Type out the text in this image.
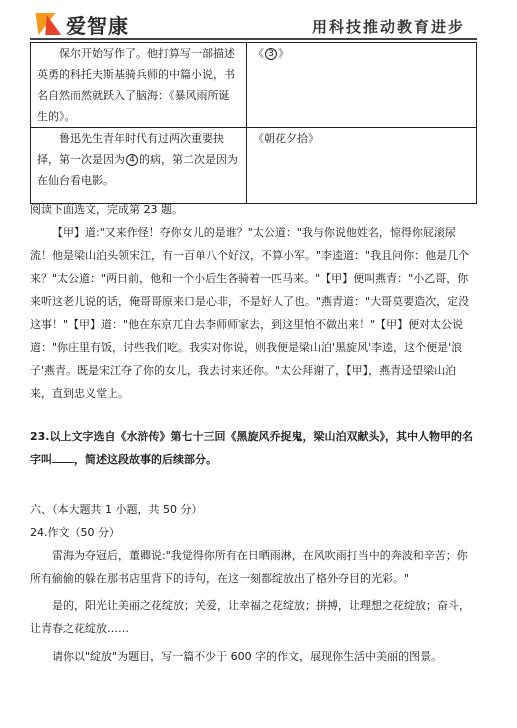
爱智康	用科技推动教育进步
保尔开始写作了。他打算写一部描述英勇的科托夫斯基骑兵师的中篇小说，书名自然而然就跃入了脑海：《暴风雨所诞生的》。	《 3 》
鲁迅先生青年时代有过两次重要抉择，第一次是因为 4 的病，第二次是因为在仙台看电影。	《朝花夕拾》
阅读下面选文，完成第 23 题。
【甲】道:"又来作怪！夺你女儿的是谁？"太公道："我与你说他姓名，惊得你屁滚尿流！他是梁山泊头领宋江，有一百单八个好汉，不算小军。"李逵道："我且问你：他是几个来？"太公道："两日前，他和一个小后生各骑着一匹马来。"【甲】便叫燕青："小乙哥，你来听这老儿说的话，俺哥哥原来口是心非，不是好人了也。"燕青道："大哥莫要造次，定没这事！"【甲】道："他在东京兀自去李师师家去，到这里怕不做出来！"【甲】便对太公说道："你庄里有饭，讨些我们吃。我实对你说，则我便是梁山泊'黑旋风'李逵，这个便是'浪子'燕青。既是宋江夺了你的女儿，我去讨来还你。"太公拜谢了，【甲】，燕青迳望梁山泊来，直到忠义堂上。
23.以上文字选自《水浒传》第七十三回《黑旋风乔捉鬼，梁山泊双献头》，其中人物甲的名字叫 ，简述这段故事的后续部分。
六、（本大题共 1 小题，共 50 分）
24.作文（50 分）
雷海为夺冠后，董卿说:"我觉得你所有在日晒雨淋，在风吹雨打当中的奔波和辛苦；你所有偷偷的躲在那书店里背下的诗句，在这一刻都绽放出了格外夺目的光彩。"
是的，阳光让美丽之花绽放；关爱，让幸福之花绽放；拼搏，让理想之花绽放；奋斗，让青春之花绽放……
请你以"绽放"为题目，写一篇不少于 600 字的作文，展现你生活中美丽的图景。
